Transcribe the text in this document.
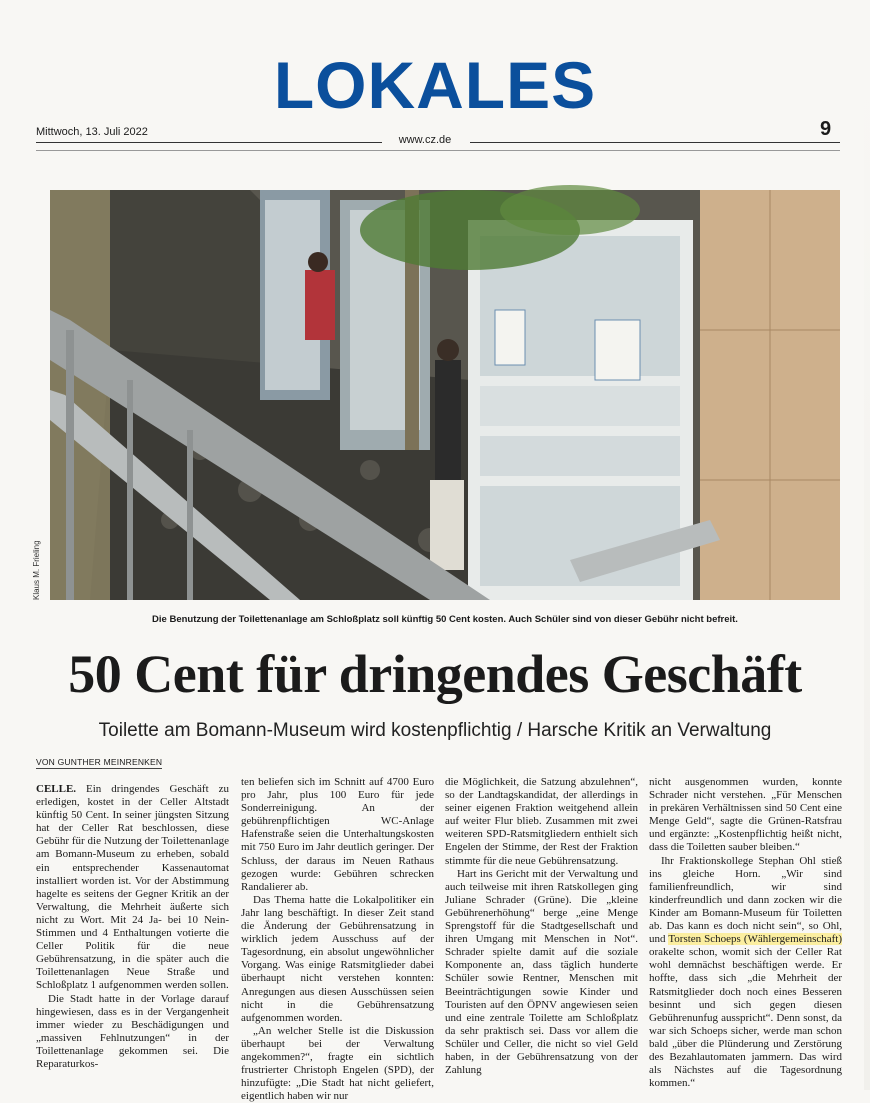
LOKALES
Mittwoch, 13. Juli 2022
www.cz.de	9
Klaus M. Frieling
Die Benutzung der Toilettenanlage am Schloßplatz soll künftig 50 Cent kosten. Auch Schüler sind von dieser Gebühr nicht befreit.
50 Cent für dringendes Geschäft
Toilette am Bomann-Museum wird kostenpflichtig / Harsche Kritik an Verwaltung
VON GUNTHER MEINRENKEN

CELLE. Ein dringendes Geschäft zu erledigen, kostet in der Celler Altstadt künftig 50 Cent. In seiner jüngsten Sitzung hat der Celler Rat beschlossen, diese Gebühr für die Nutzung der Toilettenanlage am Bomann-Museum zu erheben, sobald ein entsprechender Kassenautomat installiert worden ist. Vor der Abstimmung hagelte es seitens der Gegner Kritik an der Verwaltung, die Mehrheit äußerte sich nicht zu Wort. Mit 24 Ja- bei 10 Nein-Stimmen und 4 Enthaltungen votierte die Celler Politik für die neue Gebührensatzung, in die später auch die Toilettenanlagen Neue Straße und Schloßplatz 1 aufgenommen werden sollen.

Die Stadt hatte in der Vorlage darauf hingewiesen, dass es in der Vergangenheit immer wieder zu Beschädigungen und „massiven Fehlnutzungen“ in der Toilettenanlage gekommen sei. Die Reparaturkos-

ten beliefen sich im Schnitt auf 4700 Euro pro Jahr, plus 100 Euro für jede Sonderreinigung. An der gebührenpflichtigen WC-Anlage Hafenstraße seien die Unterhaltungskosten mit 750 Euro im Jahr deutlich geringer. Der Schluss, der daraus im Neuen Rathaus gezogen wurde: Gebühren schrecken Randalierer ab.

Das Thema hatte die Lokalpolitiker ein Jahr lang beschäftigt. In dieser Zeit stand die Änderung der Gebührensatzung in wirklich jedem Ausschuss auf der Tagesordnung, ein absolut ungewöhnlicher Vorgang. Was einige Ratsmitglieder dabei überhaupt nicht verstehen konnten: Anregungen aus diesen Ausschüssen seien nicht in die Gebührensatzung aufgenommen worden.

„An welcher Stelle ist die Diskussion überhaupt bei der Verwaltung angekommen?“, fragte ein sichtlich frustrierter Christoph Engelen (SPD), der hinzufügte: „Die Stadt hat nicht geliefert, eigentlich haben wir nur

die Möglichkeit, die Satzung abzulehnen“, so der Landtagskandidat, der allerdings in seiner eigenen Fraktion weitgehend allein auf weiter Flur blieb. Zusammen mit zwei weiteren SPD-Ratsmitgliedern enthielt sich Engelen der Stimme, der Rest der Fraktion stimmte für die neue Gebührensatzung.

Hart ins Gericht mit der Verwaltung und auch teilweise mit ihren Ratskollegen ging Juliane Schrader (Grüne). Die „kleine Gebührenerhöhung“ berge „eine Menge Sprengstoff für die Stadtgesellschaft und ihren Umgang mit Menschen in Not“. Schrader spielte damit auf die soziale Komponente an, dass täglich hunderte Schüler sowie Rentner, Menschen mit Beeinträchtigungen sowie Kinder und Touristen auf den ÖPNV angewiesen seien und eine zentrale Toilette am Schloßplatz da sehr praktisch sei. Dass vor allem die Schüler und Celler, die nicht so viel Geld haben, in der Gebührensatzung von der Zahlung

nicht ausgenommen wurden, konnte Schrader nicht verstehen. „Für Menschen in prekären Verhältnissen sind 50 Cent eine Menge Geld“, sagte die Grünen-Ratsfrau und ergänzte: „Kostenpflichtig heißt nicht, dass die Toiletten sauber bleiben.“

Ihr Fraktionskollege Stephan Ohl stieß ins gleiche Horn. „Wir sind familienfreundlich, wir sind kinderfreundlich und dann zocken wir die Kinder am Bomann-Museum für Toiletten ab. Das kann es doch nicht sein“, so Ohl, und Torsten Schoeps (Wählergemeinschaft) orakelte schon, womit sich der Celler Rat wohl demnächst beschäftigen werde. Er hoffte, dass sich „die Mehrheit der Ratsmitglieder doch noch eines Besseren besinnt und sich gegen diesen Gebührenunfug ausspricht“. Denn sonst, da war sich Schoeps sicher, werde man schon bald „über die Plünderung und Zerstörung des Bezahlautomaten jammern. Das wird als Nächstes auf die Tagesordnung kommen.“
